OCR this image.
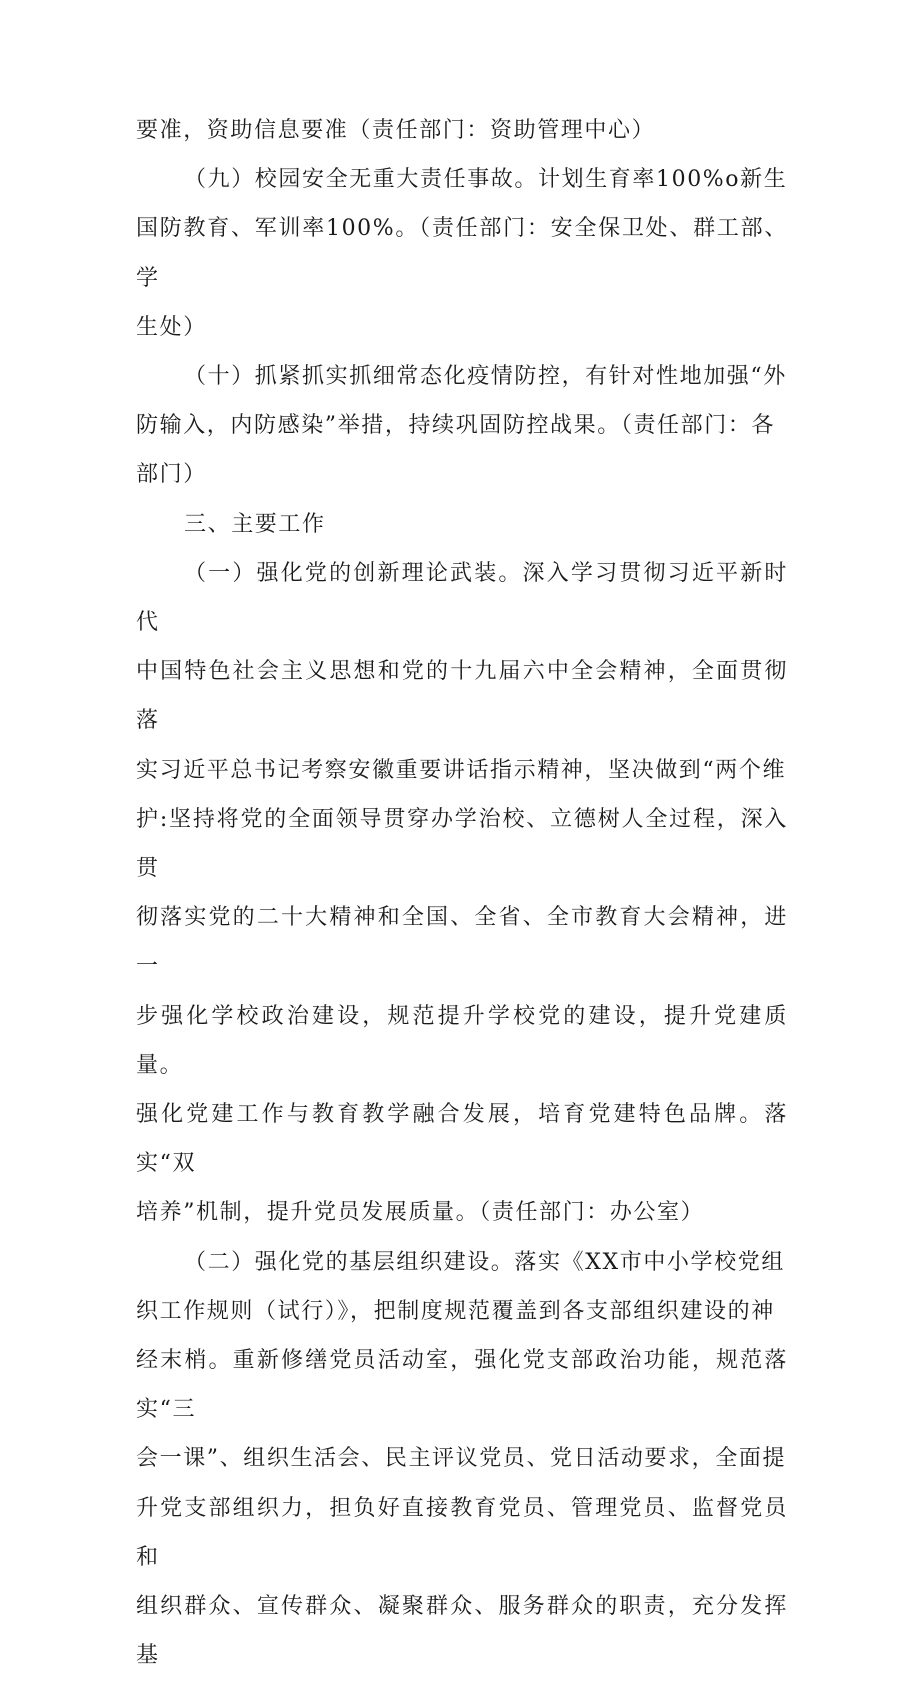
要准，资助信息要准（责任部门：资助管理中心）

（九）校园安全无重大责任事故。计划生育率100%o新生

国防教育、军训率100%。（责任部门：安全保卫处、群工部、学

生处）

（十）抓紧抓实抓细常态化疫情防控，有针对性地加强“外

防输入，内防感染”举措，持续巩固防控战果。（责任部门：各

部门）

三、主要工作

（一）强化党的创新理论武装。深入学习贯彻习近平新时代

中国特色社会主义思想和党的十九届六中全会精神，全面贯彻落

实习近平总书记考察安徽重要讲话指示精神，坚决做到“两个维

护:坚持将党的全面领导贯穿办学治校、立德树人全过程，深入贯

彻落实党的二十大精神和全国、全省、全市教育大会精神，进一

步强化学校政治建设，规范提升学校党的建设，提升党建质量。

强化党建工作与教育教学融合发展，培育党建特色品牌。落实“双

培养”机制，提升党员发展质量。（责任部门：办公室）

（二）强化党的基层组织建设。落实《XX市中小学校党组

织工作规则（试行）》，把制度规范覆盖到各支部组织建设的神

经末梢。重新修缮党员活动室，强化党支部政治功能，规范落实“三

会一课”、组织生活会、民主评议党员、党日活动要求，全面提

升党支部组织力，担负好直接教育党员、管理党员、监督党员和

组织群众、宣传群众、凝聚群众、服务群众的职责，充分发挥基
